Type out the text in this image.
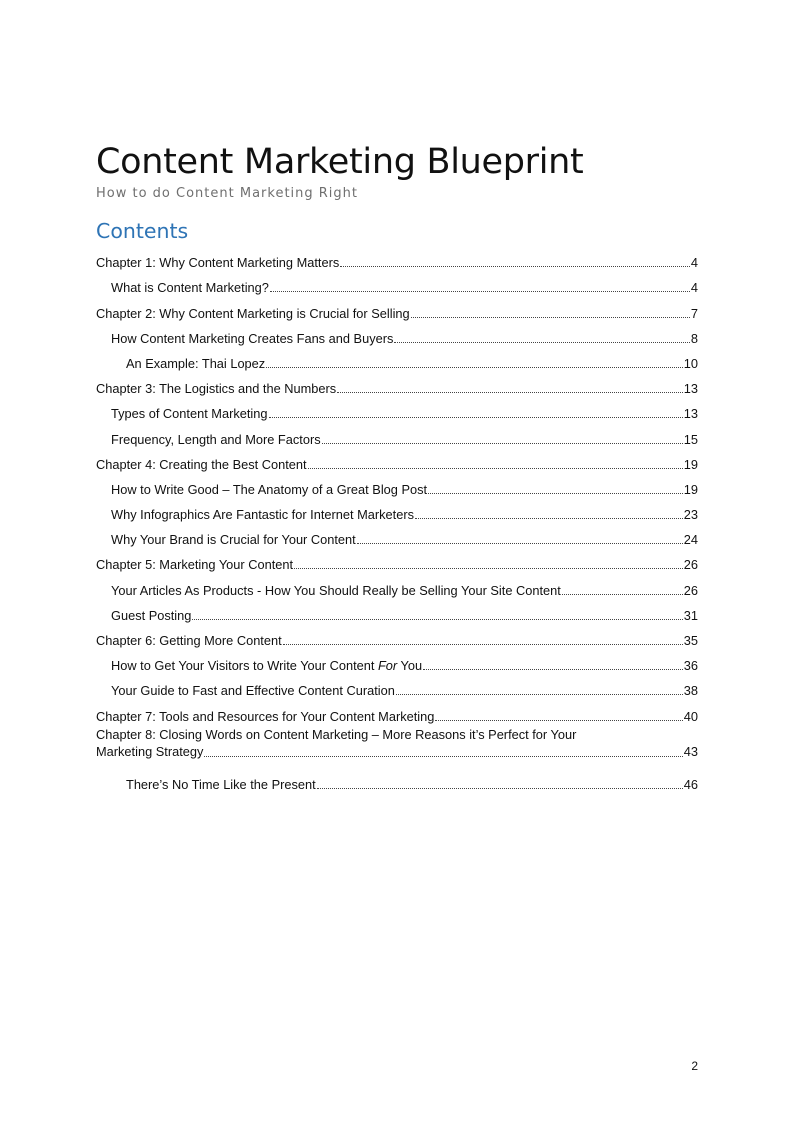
Content Marketing Blueprint
How to do Content Marketing Right
Contents
Chapter 1: Why Content Marketing Matters	4
What is Content Marketing?	4
Chapter 2: Why Content Marketing is Crucial for Selling	7
How Content Marketing Creates Fans and Buyers	8
An Example: Thai Lopez	10
Chapter 3: The Logistics and the Numbers	13
Types of Content Marketing	13
Frequency, Length and More Factors	15
Chapter 4: Creating the Best Content	19
How to Write Good – The Anatomy of a Great Blog Post	19
Why Infographics Are Fantastic for Internet Marketers	23
Why Your Brand is Crucial for Your Content	24
Chapter 5: Marketing Your Content	26
Your Articles As Products - How You Should Really be Selling Your Site Content	26
Guest Posting	31
Chapter 6: Getting More Content	35
How to Get Your Visitors to Write Your Content For You	36
Your Guide to Fast and Effective Content Curation	38
Chapter 7: Tools and Resources for Your Content Marketing	40
Chapter 8: Closing Words on Content Marketing – More Reasons it’s Perfect for Your
Marketing Strategy	43
There’s No Time Like the Present	46
2
